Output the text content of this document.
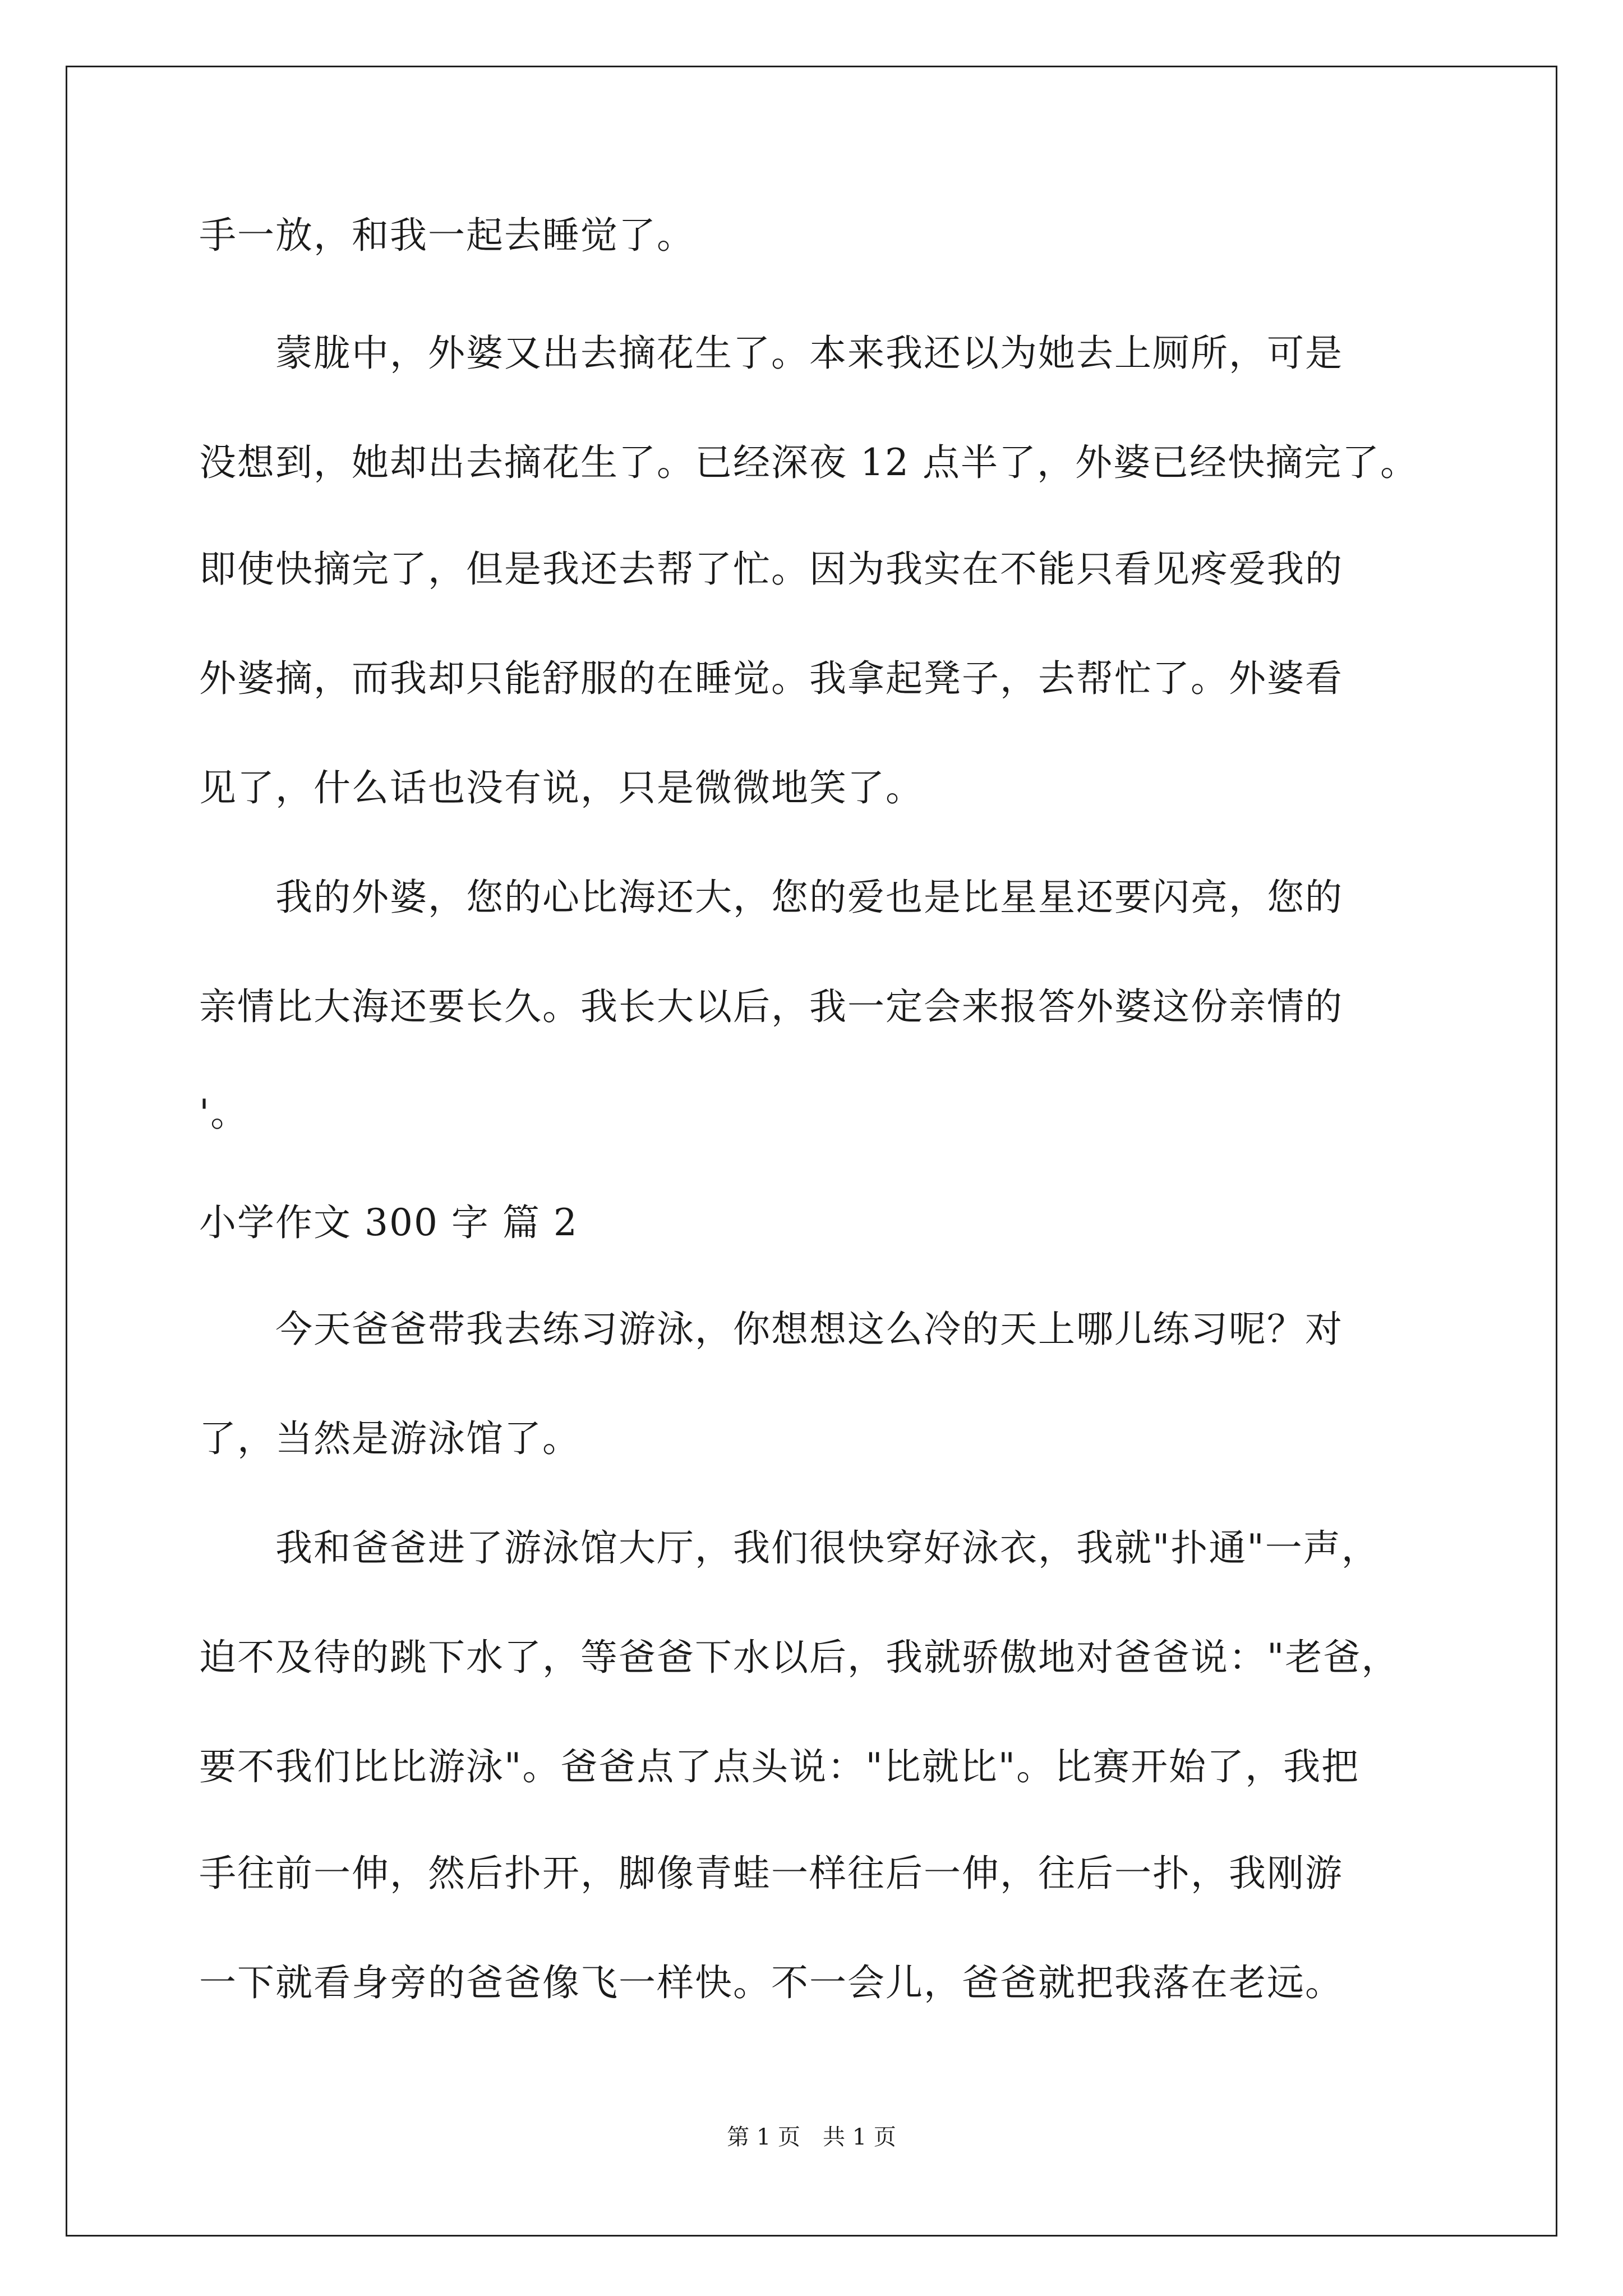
手一放，和我一起去睡觉了。
　　蒙胧中，外婆又出去摘花生了。本来我还以为她去上厕所，可是
没想到，她却出去摘花生了。已经深夜 12 点半了，外婆已经快摘完了。
即使快摘完了，但是我还去帮了忙。因为我实在不能只看见疼爱我的
外婆摘，而我却只能舒服的在睡觉。我拿起凳子，去帮忙了。外婆看
见了，什么话也没有说，只是微微地笑了。
　　我的外婆，您的心比海还大，您的爱也是比星星还要闪亮，您的
亲情比大海还要长久。我长大以后，我一定会来报答外婆这份亲情的
'。
小学作文 300 字 篇 2
　　今天爸爸带我去练习游泳，你想想这么冷的天上哪儿练习呢？对
了，当然是游泳馆了。
　　我和爸爸进了游泳馆大厅，我们很快穿好泳衣，我就"扑通"一声，
迫不及待的跳下水了，等爸爸下水以后，我就骄傲地对爸爸说："老爸，
要不我们比比游泳"。爸爸点了点头说："比就比"。比赛开始了，我把
手往前一伸，然后扑开，脚像青蛙一样往后一伸，往后一扑，我刚游
一下就看身旁的爸爸像飞一样快。不一会儿，爸爸就把我落在老远。
第 1 页　共 1 页
